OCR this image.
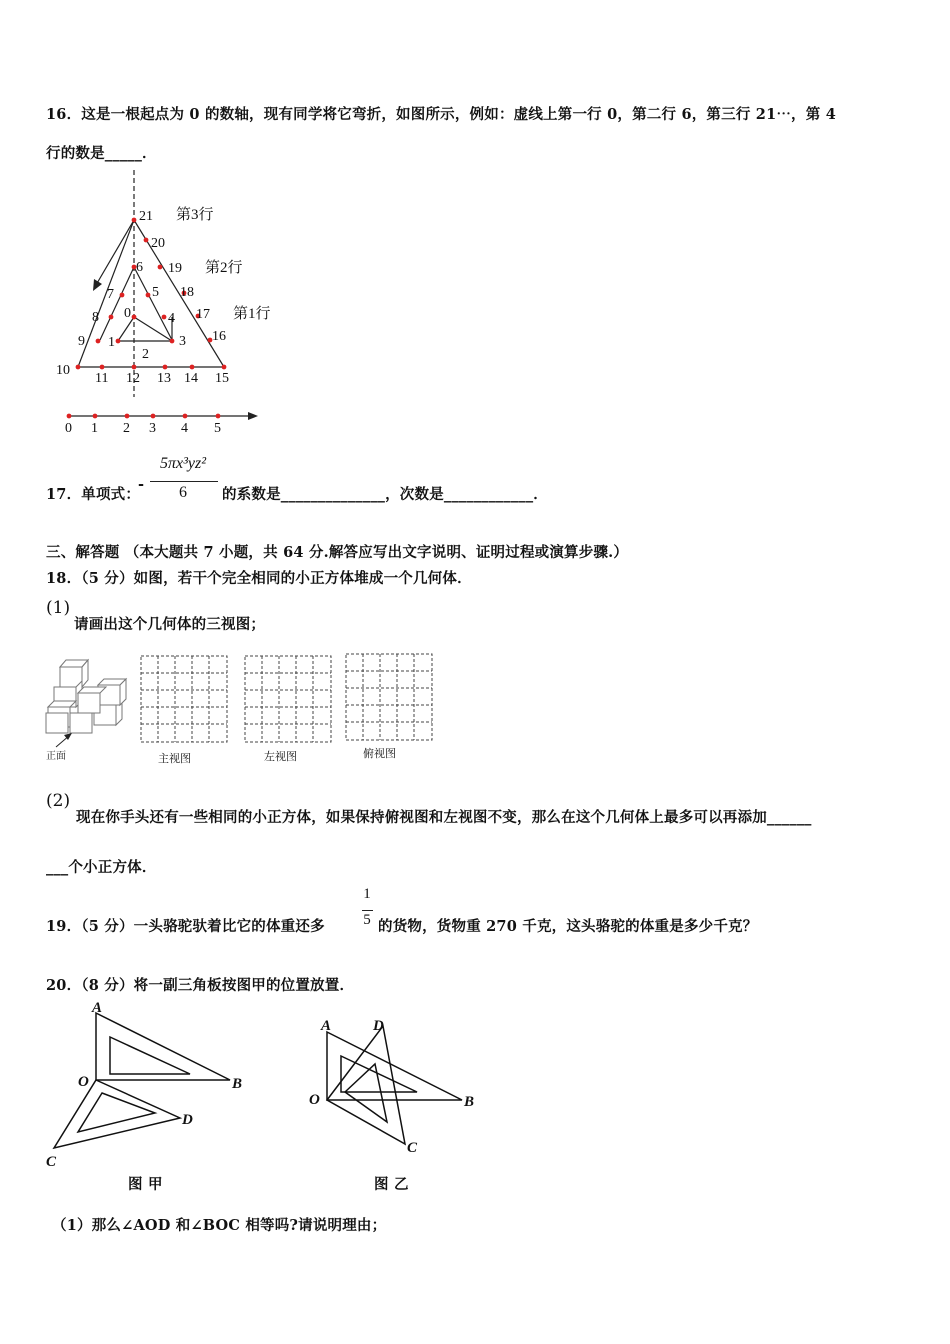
16．这是一根起点为 0 的数轴，现有同学将它弯折，如图所示，例如：虚线上第一行 0，第二行 6，第三行 21⋯，第 4
行的数是_____．
21
20
6 19
7	5 18
8 0	4 17
9 1	3 16
2
10
11 12 13 14 15
第3行
第2行
第1行
0 1 2 3 4 5
17．单项式：
-
5πx³yz²
6	的系数是______________，次数是____________．
三、解答题 （本大题共 7 小题，共 64 分.解答应写出文字说明、证明过程或演算步骤.）
18．（5 分）如图，若干个完全相同的小正方体堆成一个几何体．
(1)
请画出这个几何体的三视图；
正面	主视图	左视图	俯视图
(2)
现在你手头还有一些相同的小正方体，如果保持俯视图和左视图不变，那么在这个几何体上最多可以再添加______
___个小正方体．
19．（5 分）一头骆驼驮着比它的体重还多
1
5 的货物，货物重 270 千克，这头骆驼的体重是多少千克？
20．（8 分）将一副三角板按图甲的位置放置．
A
B
O
C
D
图 甲
A
B
O
C
D
图 乙
（1）那么∠AOD 和∠BOC 相等吗?请说明理由；
